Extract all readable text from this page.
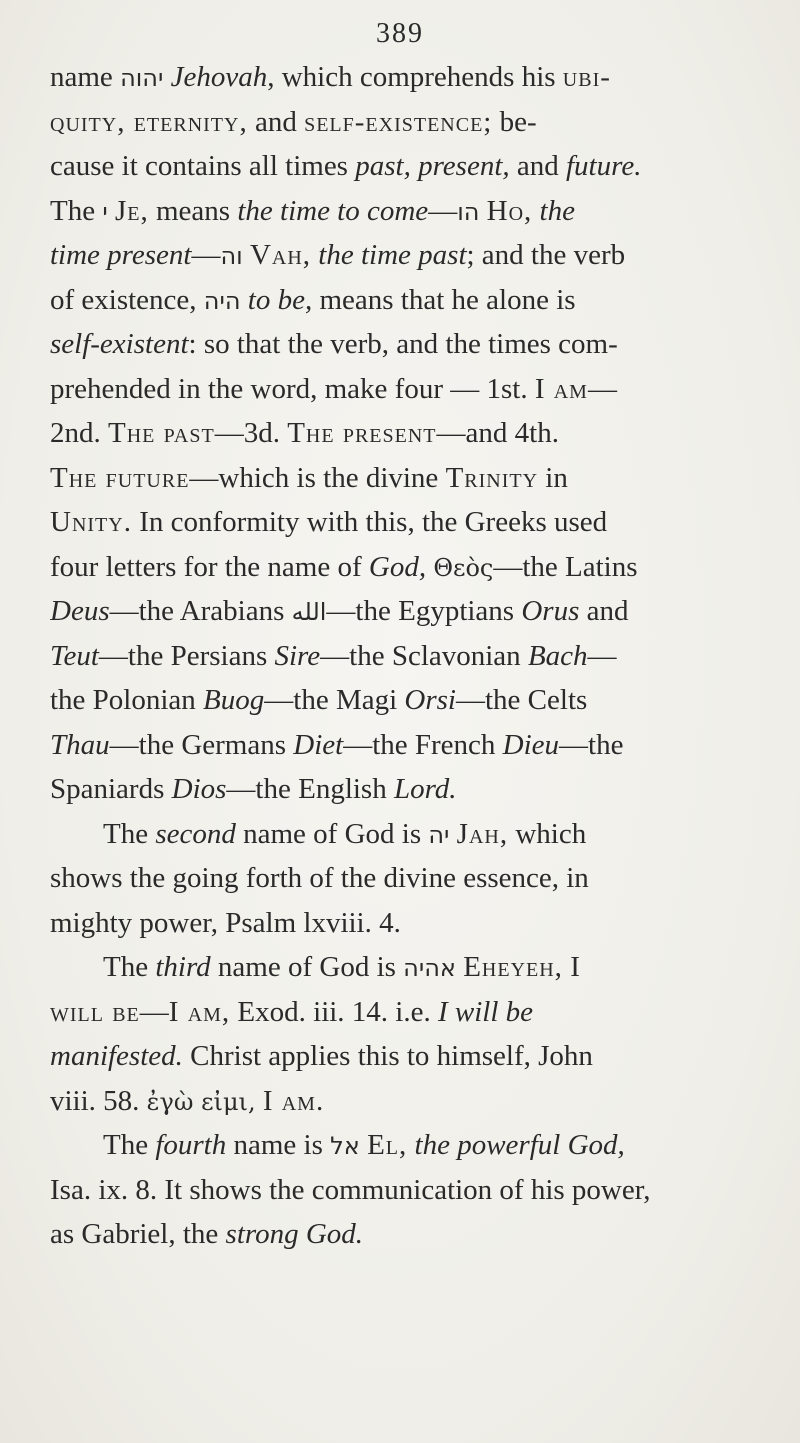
389
name יהוה Jehovah, which comprehends his ubi-
quity, eternity, and self-existence; be-
cause it contains all times past, present, and future.
The י Je, means the time to come—הו Ho, the
time present—וה Vah, the time past; and the verb
of existence, היה to be, means that he alone is
self-existent: so that the verb, and the times com-
prehended in the word, make four — 1st. I am—
2nd. The past—3d. The present—and 4th.
The future—which is the divine Trinity in
Unity. In conformity with this, the Greeks used
four letters for the name of God, Θεὸς—the Latins
Deus—the Arabians الله—the Egyptians Orus and
Teut—the Persians Sire—the Sclavonian Bach—
the Polonian Buog—the Magi Orsi—the Celts
Thau—the Germans Diet—the French Dieu—the
Spaniards Dios—the English Lord.
The second name of God is יה Jah, which
shows the going forth of the divine essence, in
mighty power, Psalm lxviii. 4.
The third name of God is אהיה Eheyeh, I
will be—I am, Exod. iii. 14. i.e. I will be
manifested. Christ applies this to himself, John
viii. 58. ἐγὼ εἰμι, I am.
The fourth name is אל El, the powerful God,
Isa. ix. 8. It shows the communication of his power,
as Gabriel, the strong God.
